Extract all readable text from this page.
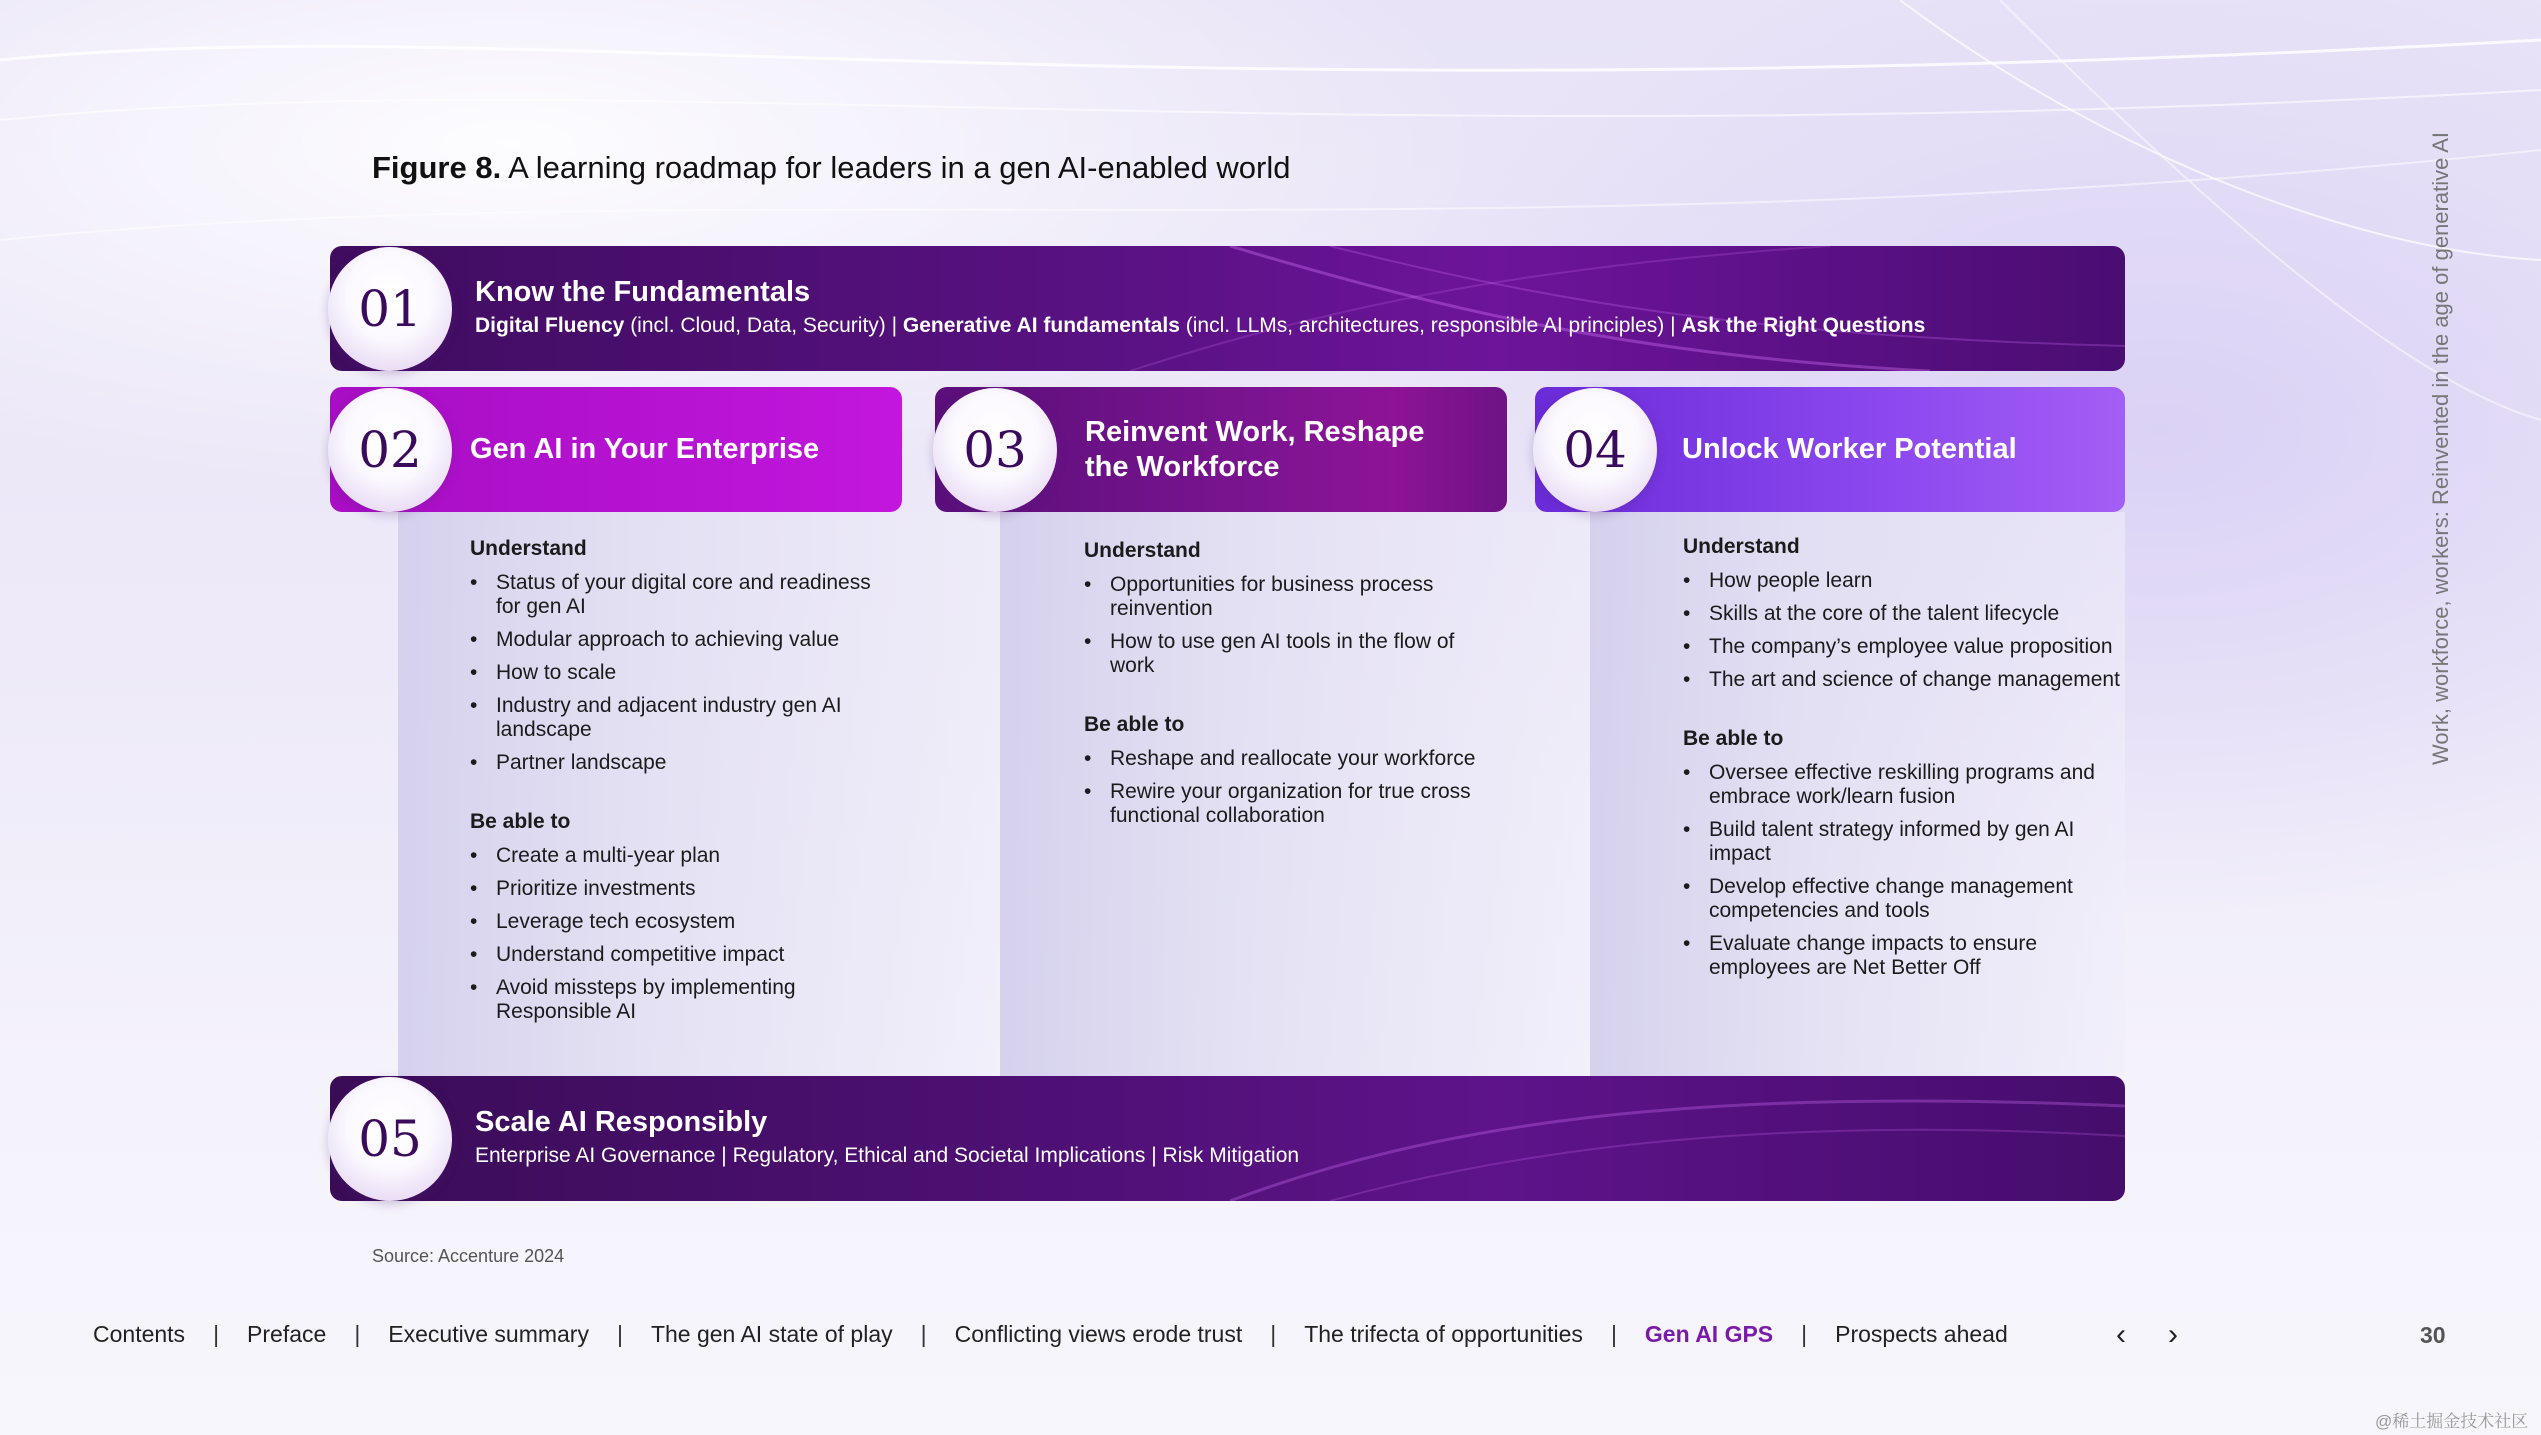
Figure 8. A learning roadmap for leaders in a gen AI-enabled world
Know the Fundamentals
Digital Fluency (incl. Cloud, Data, Security) | Generative AI fundamentals (incl. LLMs, architectures, responsible AI principles) | Ask the Right Questions
01
Gen AI in Your Enterprise
02	Reinvent Work, Reshape
the Workforce
03	Unlock Worker Potential
04
Understand
• Status of your digital core and readiness for gen AI
• Modular approach to achieving value
• How to scale
• Industry and adjacent industry gen AI landscape
• Partner landscape
Be able to
• Create a multi-year plan
• Prioritize investments
• Leverage tech ecosystem
• Understand competitive impact
• Avoid missteps by implementing Responsible AI
Understand
• Opportunities for business process reinvention
• How to use gen AI tools in the flow of work
Be able to
• Reshape and reallocate your workforce
• Rewire your organization for true cross functional collaboration
Understand
• How people learn
• Skills at the core of the talent lifecycle
• The company’s employee value proposition
• The art and science of change management
Be able to
• Oversee effective reskilling programs and embrace work/learn fusion
• Build talent strategy informed by gen AI impact
• Develop effective change management competencies and tools
• Evaluate change impacts to ensure employees are Net Better Off
Scale AI Responsibly
Enterprise AI Governance | Regulatory, Ethical and Societal Implications | Risk Mitigation
05
Source: Accenture 2024
Work, workforce, workers: Reinvented in the age of generative AI
Contents | Preface | Executive summary | The gen AI state of play | Conflicting views erode trust | The trifecta of opportunities | Gen AI GPS | Prospects ahead	‹ ›	30
@稀土掘金技术社区
